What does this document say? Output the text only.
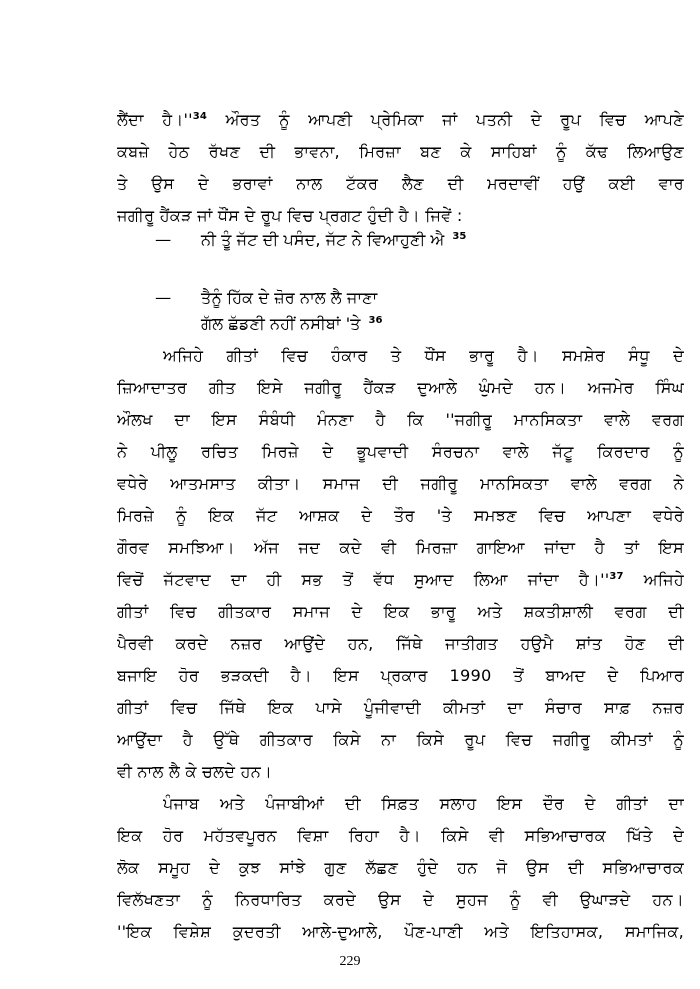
ਲੈਂਦਾ $ਹੈ।''^{34}$ ਔਰਤ ਨੂੰ ਆਪਣੀ ਪ੍ਰੇਮਿਕਾ ਜਾਂ ਪਤਨੀ ਦੇ ਰੂਪ ਵਿਚ ਆਪਣੇ
ਕਬਜ਼ੇ ਹੇਠ ਰੱਖਣ ਦੀ ਭਾਵਨਾ, ਮਿਰਜ਼ਾ ਬਣ ਕੇ ਸਾਹਿਬਾਂ ਨੂੰ ਕੱਢ ਲਿਆਉਣ
ਤੇ ਉਸ ਦੇ ਭਰਾਵਾਂ ਨਾਲ ਟੱਕਰ ਲੈਣ ਦੀ ਮਰਦਾਵੀਂ ਹਉਂ ਕਈ ਵਾਰ
ਜਗੀਰੂ ਹੈਂਕੜ ਜਾਂ ਧੌਂਸ ਦੇ ਰੂਪ ਵਿਚ ਪ੍ਰਗਟ ਹੁੰਦੀ ਹੈ। ਜਿਵੇਂ :
— ਨੀ ਤੂੰ ਜੱਟ ਦੀ ਪਸੰਦ, ਜੱਟ ਨੇ ਵਿਆਹੁਣੀ ਐ $^{35}$
— ਤੈਨੂੰ ਹਿੱਕ ਦੇ ਜ਼ੋਰ ਨਾਲ ਲੈ ਜਾਣਾ
ਗੱਲ ਛੱਡਣੀ ਨਹੀਂ ਨਸੀਬਾਂ 'ਤੇ $^{36}$
ਅਜਿਹੇ ਗੀਤਾਂ ਵਿਚ ਹੰਕਾਰ ਤੇ ਧੌਂਸ ਭਾਰੂ ਹੈ। ਸਮਸ਼ੇਰ ਸੰਧੂ ਦੇ
ਜ਼ਿਆਦਾਤਰ ਗੀਤ ਇਸੇ ਜਗੀਰੂ ਹੈਂਕੜ ਦੁਆਲੇ ਘੁੰਮਦੇ ਹਨ। ਅਜਮੇਰ ਸਿੰਘ
ਔਲਖ ਦਾ ਇਸ ਸੰਬੰਧੀ ਮੰਨਣਾ ਹੈ ਕਿ ''ਜਗੀਰੂ ਮਾਨਸਿਕਤਾ ਵਾਲੇ ਵਰਗ
ਨੇ ਪੀਲੂ ਰਚਿਤ ਮਿਰਜ਼ੇ ਦੇ ਭੂਪਵਾਦੀ ਸੰਰਚਨਾ ਵਾਲੇ ਜੱਟੂ ਕਿਰਦਾਰ ਨੂੰ
ਵਧੇਰੇ ਆਤਮਸਾਤ ਕੀਤਾ। ਸਮਾਜ ਦੀ ਜਗੀਰੂ ਮਾਨਸਿਕਤਾ ਵਾਲੇ ਵਰਗ ਨੇ
ਮਿਰਜ਼ੇ ਨੂੰ ਇਕ ਜੱਟ ਆਸ਼ਕ ਦੇ ਤੌਰ 'ਤੇ ਸਮਝਣ ਵਿਚ ਆਪਣਾ ਵਧੇਰੇ
ਗੌਰਵ ਸਮਝਿਆ। ਅੱਜ ਜਦ ਕਦੇ ਵੀ ਮਿਰਜ਼ਾ ਗਾਇਆ ਜਾਂਦਾ ਹੈ ਤਾਂ ਇਸ
ਵਿਚੋਂ ਜੱਟਵਾਦ ਦਾ ਹੀ ਸਭ ਤੋਂ ਵੱਧ ਸੁਆਦ ਲਿਆ ਜਾਂਦਾ $ਹੈ।''^{37}$ ਅਜਿਹੇ
ਗੀਤਾਂ ਵਿਚ ਗੀਤਕਾਰ ਸਮਾਜ ਦੇ ਇਕ ਭਾਰੂ ਅਤੇ ਸ਼ਕਤੀਸ਼ਾਲੀ ਵਰਗ ਦੀ
ਪੈਰਵੀ ਕਰਦੇ ਨਜ਼ਰ ਆਉਂਦੇ ਹਨ, ਜਿੱਥੇ ਜਾਤੀਗਤ ਹਉਮੈ ਸ਼ਾਂਤ ਹੋਣ ਦੀ
ਬਜਾਇ ਹੋਰ ਭੜਕਦੀ ਹੈ। ਇਸ ਪ੍ਰਕਾਰ 1990 ਤੋਂ ਬਾਅਦ ਦੇ ਪਿਆਰ
ਗੀਤਾਂ ਵਿਚ ਜਿੱਥੇ ਇਕ ਪਾਸੇ ਪੂੰਜੀਵਾਦੀ ਕੀਮਤਾਂ ਦਾ ਸੰਚਾਰ ਸਾਫ਼ ਨਜ਼ਰ
ਆਉਂਦਾ ਹੈ ਉੱਥੇ ਗੀਤਕਾਰ ਕਿਸੇ ਨਾ ਕਿਸੇ ਰੂਪ ਵਿਚ ਜਗੀਰੂ ਕੀਮਤਾਂ ਨੂੰ
ਵੀ ਨਾਲ ਲੈ ਕੇ ਚਲਦੇ ਹਨ।
ਪੰਜਾਬ ਅਤੇ ਪੰਜਾਬੀਆਂ ਦੀ ਸਿਫ਼ਤ ਸਲਾਹ ਇਸ ਦੌਰ ਦੇ ਗੀਤਾਂ ਦਾ
ਇਕ ਹੋਰ ਮਹੱਤਵਪੂਰਨ ਵਿਸ਼ਾ ਰਿਹਾ ਹੈ। ਕਿਸੇ ਵੀ ਸਭਿਆਚਾਰਕ ਖਿੱਤੇ ਦੇ
ਲੋਕ ਸਮੂਹ ਦੇ ਕੁਝ ਸਾਂਝੇ ਗੁਣ ਲੱਛਣ ਹੁੰਦੇ ਹਨ ਜੋ ਉਸ ਦੀ ਸਭਿਆਚਾਰਕ
ਵਿਲੱਖਣਤਾ ਨੂੰ ਨਿਰਧਾਰਿਤ ਕਰਦੇ ਉਸ ਦੇ ਸੁਹਜ ਨੂੰ ਵੀ ਉਘਾੜਦੇ ਹਨ।
''ਇਕ ਵਿਸ਼ੇਸ਼ ਕੁਦਰਤੀ ਆਲੇ-ਦੁਆਲੇ, ਪੌਣ-ਪਾਣੀ ਅਤੇ ਇਤਿਹਾਸਕ, ਸਮਾਜਿਕ,
229
